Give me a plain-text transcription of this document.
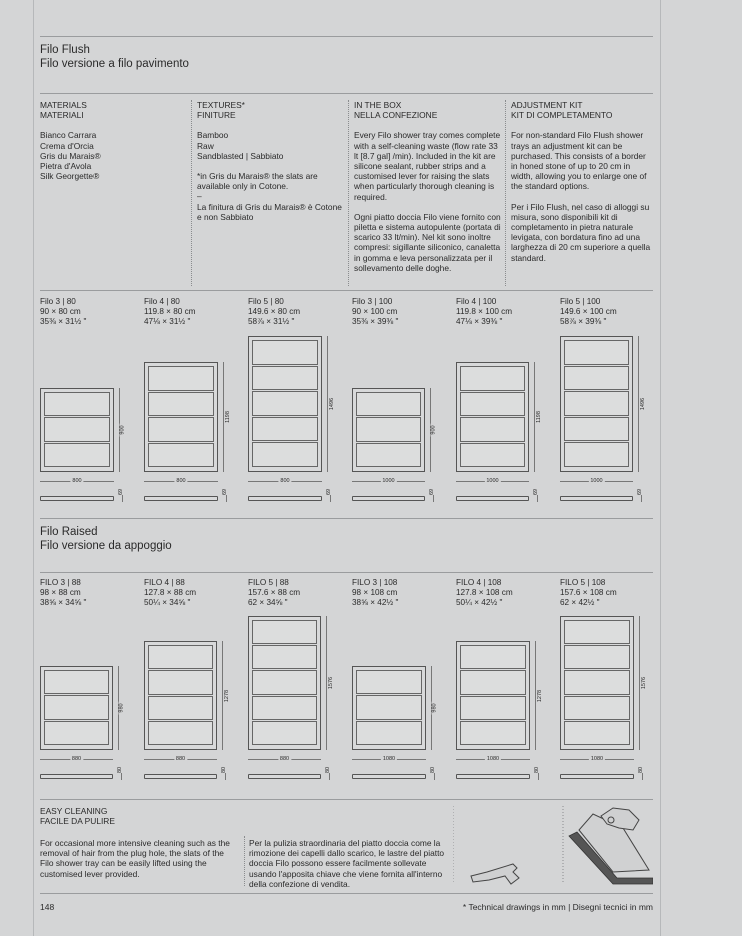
Filo Flush
Filo versione a filo pavimento

MATERIALS

MATERIALI

Bianco Carrara

Crema d'Orcia

Gris du Marais®

Pietra d'Avola

Silk Georgette®

TEXTURES*

FINITURE

Bamboo

Raw

Sandblasted | Sabbiato

*in Gris du Marais® the slats are available only in Cotone.

–

La finitura di Gris du Marais® è Cotone e non Sabbiato

IN THE BOX

NELLA CONFEZIONE

Every Filo shower tray comes complete with a self-cleaning waste (flow rate 33 lt [8.7 gal] /min). Included in the kit are silicone sealant, rubber strips and a customised lever for raising the slats when particularly thorough cleaning is required.

Ogni piatto doccia Filo viene fornito con piletta e sistema autopulente (portata di scarico 33 lt/min). Nel kit sono inoltre compresi: sigillante siliconico, canaletta in gomma e leva personalizzata per il sollevamento delle doghe.

ADJUSTMENT KIT

KIT DI COMPLETAMENTO

For non-standard Filo Flush shower trays an adjustment kit can be purchased. This consists of a border in honed stone of up to 20 cm in width, allowing you to enlarge one of the standard options.

Per i Filo Flush, nel caso di alloggi su misura, sono disponibili kit di completamento in pietra naturale levigata, con bordatura fino ad una larghezza di 20 cm superiore a quella standard.

Filo 3 | 80
90 × 80 cm
35⅜ × 31½ "
900
800
69
Filo 4 | 80
119.8 × 80 cm
47⅛ × 31½ "
1198
800
69
Filo 5 | 80
149.6 × 80 cm
58⅞ × 31½ "
1496
800
69
Filo 3 | 100
90 × 100 cm
35⅜ × 39⅜ "
900
1000
69
Filo 4 | 100
119.8 × 100 cm
47⅛ × 39⅜ "
1198
1000
69
Filo 5 | 100
149.6 × 100 cm
58⅞ × 39⅜ "
1496
1000
69
Filo Raised
Filo versione da appoggio
FILO 3 | 88
98 × 88 cm
38⅝ × 34⅝ "
980
880
80
FILO 4 | 88
127.8 × 88 cm
50¼ × 34⅝ "
1278
880
80
FILO 5 | 88
157.6 × 88 cm
62 × 34⅝ "
1576
880
80
FILO 3 | 108
98 × 108 cm
38⅝ × 42½ "
980
1080
80
FILO 4 | 108
127.8 × 108 cm
50¼ × 42½ "
1278
1080
80
FILO 5 | 108
157.6 × 108 cm
62 × 42½ "
1576
1080
80

EASY CLEANING

FACILE DA PULIRE

For occasional more intensive cleaning such as the removal of hair from the plug hole, the slats of the Filo shower tray can be easily lifted using the customised lever provided.
Per la pulizia straordinaria del piatto doccia come la rimozione dei capelli dallo scarico, le lastre del piatto doccia Filo possono essere facilmente sollevate usando l'apposita chiave che viene fornita all'interno della confezione di vendita.
148	* Technical drawings in mm | Disegni tecnici in mm
